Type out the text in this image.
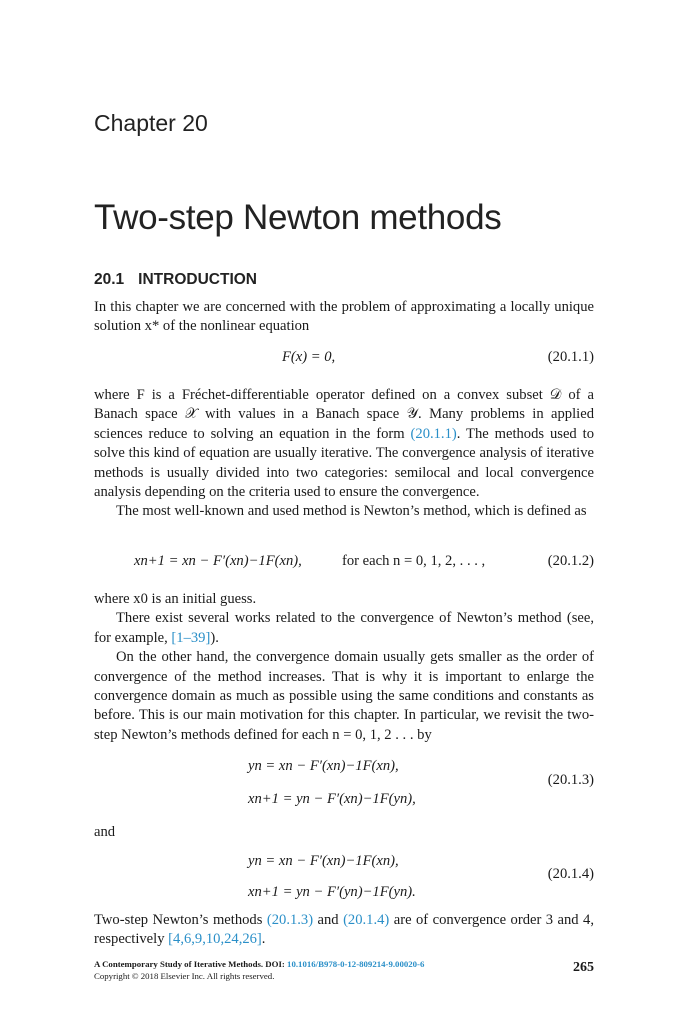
Chapter 20
Two-step Newton methods
20.1 INTRODUCTION

In this chapter we are concerned with the problem of approximating a locally unique solution x* of the nonlinear equation

F(x) = 0,	(20.1.1)

where F is a Fréchet-differentiable operator defined on a convex subset 𝒟 of a Banach space 𝒳 with values in a Banach space 𝒴. Many problems in applied sciences reduce to solving an equation in the form (20.1.1). The methods used to solve this kind of equation are usually iterative. The convergence analysis of iterative methods is usually divided into two categories: semilocal and local convergence analysis depending on the criteria used to ensure the convergence.

The most well-known and used method is Newton’s method, which is defined as

xn+1 = xn − F′(xn)−1F(xn),	for each n = 0, 1, 2, . . . ,	(20.1.2)

where x0 is an initial guess.

There exist several works related to the convergence of Newton’s method (see, for example, [1–39]).

On the other hand, the convergence domain usually gets smaller as the order of convergence of the method increases. That is why it is important to enlarge the convergence domain as much as possible using the same conditions and constants as before. This is our main motivation for this chapter. In particular, we revisit the two-step Newton’s methods defined for each n = 0, 1, 2 . . . by

yn = xn − F′(xn)−1F(xn),
(20.1.3)
xn+1 = yn − F′(xn)−1F(yn),

and

yn = xn − F′(xn)−1F(xn),
(20.1.4)
xn+1 = yn − F′(yn)−1F(yn).

Two-step Newton’s methods (20.1.3) and (20.1.4) are of convergence order 3 and 4, respectively [4,6,9,10,24,26].

A Contemporary Study of Iterative Methods. DOI: 10.1016/B978-0-12-809214-9.00020-6
Copyright © 2018 Elsevier Inc. All rights reserved.
265
